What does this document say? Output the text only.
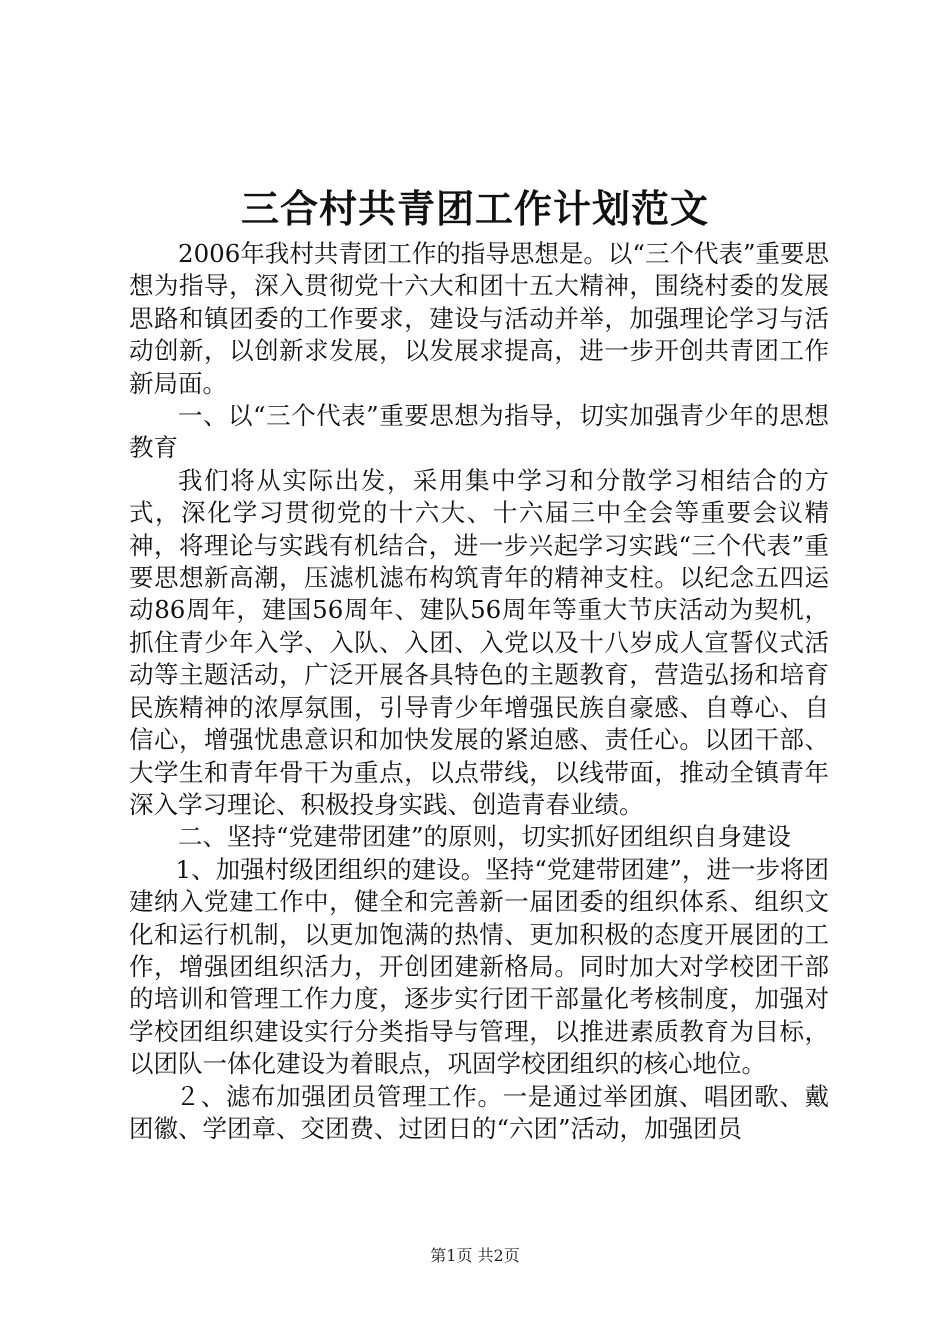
三合村共青团工作计划范文

2006年我村共青团工作的指导思想是。以“三个代表”重要思想为指导，深入贯彻党十六大和团十五大精神，围绕村委的发展思路和镇团委的工作要求，建设与活动并举，加强理论学习与活动创新，以创新求发展，以发展求提高，进一步开创共青团工作新局面。

一、以“三个代表”重要思想为指导，切实加强青少年的思想教育

我们将从实际出发，采用集中学习和分散学习相结合的方式，深化学习贯彻党的十六大、十六届三中全会等重要会议精神，将理论与实践有机结合，进一步兴起学习实践“三个代表”重要思想新高潮，压滤机滤布构筑青年的精神支柱。以纪念五四运动86周年，建国56周年、建队56周年等重大节庆活动为契机，抓住青少年入学、入队、入团、入党以及十八岁成人宣誓仪式活动等主题活动，广泛开展各具特色的主题教育，营造弘扬和培育民族精神的浓厚氛围，引导青少年增强民族自豪感、自尊心、自信心，增强忧患意识和加快发展的紧迫感、责任心。以团干部、大学生和青年骨干为重点，以点带线，以线带面，推动全镇青年深入学习理论、积极投身实践、创造青春业绩。

二、坚持“党建带团建”的原则，切实抓好团组织自身建设

1、加强村级团组织的建设。坚持“党建带团建”，进一步将团建纳入党建工作中，健全和完善新一届团委的组织体系、组织文化和运行机制，以更加饱满的热情、更加积极的态度开展团的工作，增强团组织活力，开创团建新格局。同时加大对学校团干部的培训和管理工作力度，逐步实行团干部量化考核制度，加强对学校团组织建设实行分类指导与管理，以推进素质教育为目标，以团队一体化建设为着眼点，巩固学校团组织的核心地位。

２、滤布加强团员管理工作。一是通过举团旗、唱团歌、戴团徽、学团章、交团费、过团日的“六团”活动，加强团员

第1页 共2页
